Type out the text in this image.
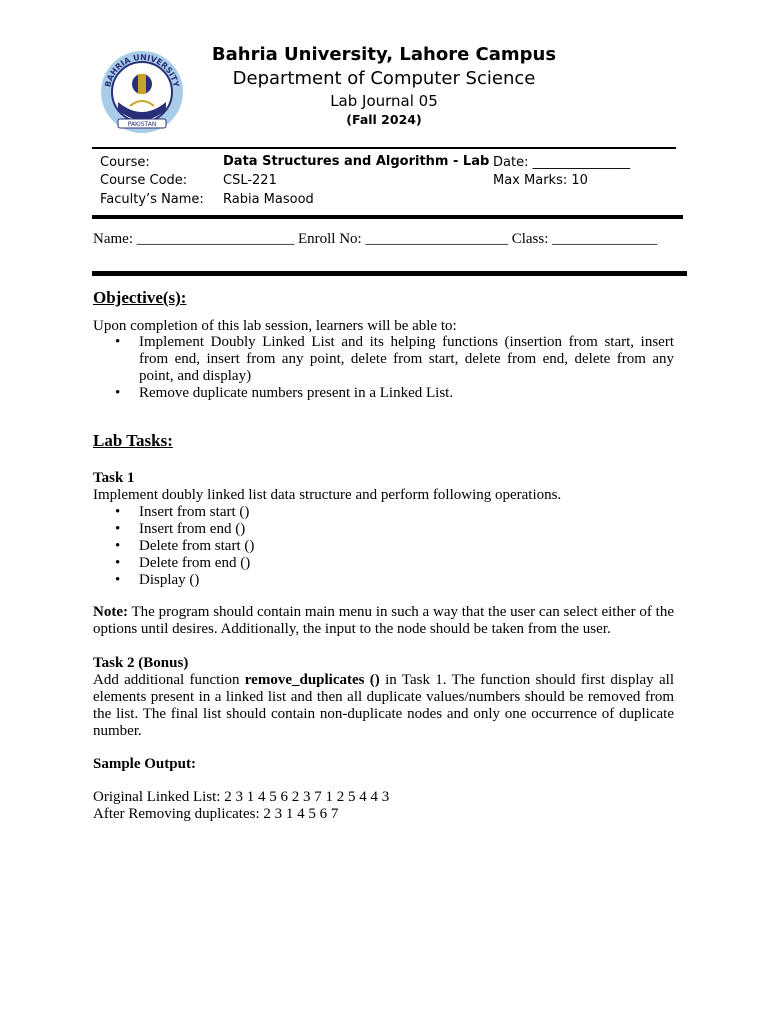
BAHRIA UNIVERSITY
PAKISTAN
Bahria University, Lahore Campus
Department of Computer Science
Lab Journal 05
(Fall 2024)
Course:	Data Structures and Algorithm - Lab Date: _______________
Course Code:	CSL-221	Max Marks: 10
Faculty’s Name: Rabia Masood
Name: _____________________ Enroll No: ___________________ Class: ______________
Objective(s):
Upon completion of this lab session, learners will be able to:
• Implement Doubly Linked List and its helping functions (insertion from start, insert from end, insert from any point, delete from start, delete from end, delete from any point, and display)
• Remove duplicate numbers present in a Linked List.
Lab Tasks:
Task 1
Implement doubly linked list data structure and perform following operations.
• Insert from start ()
• Insert from end ()
• Delete from start ()
• Delete from end ()
• Display ()
Note: The program should contain main menu in such a way that the user can select either of the options until desires. Additionally, the input to the node should be taken from the user.
Task 2 (Bonus)
Add additional function remove_duplicates () in Task 1. The function should first display all elements present in a linked list and then all duplicate values/numbers should be removed from the list. The final list should contain non-duplicate nodes and only one occurrence of duplicate number.
Sample Output:
Original Linked List: 2 3 1 4 5 6 2 3 7 1 2 5 4 4 3
After Removing duplicates: 2 3 1 4 5 6 7
